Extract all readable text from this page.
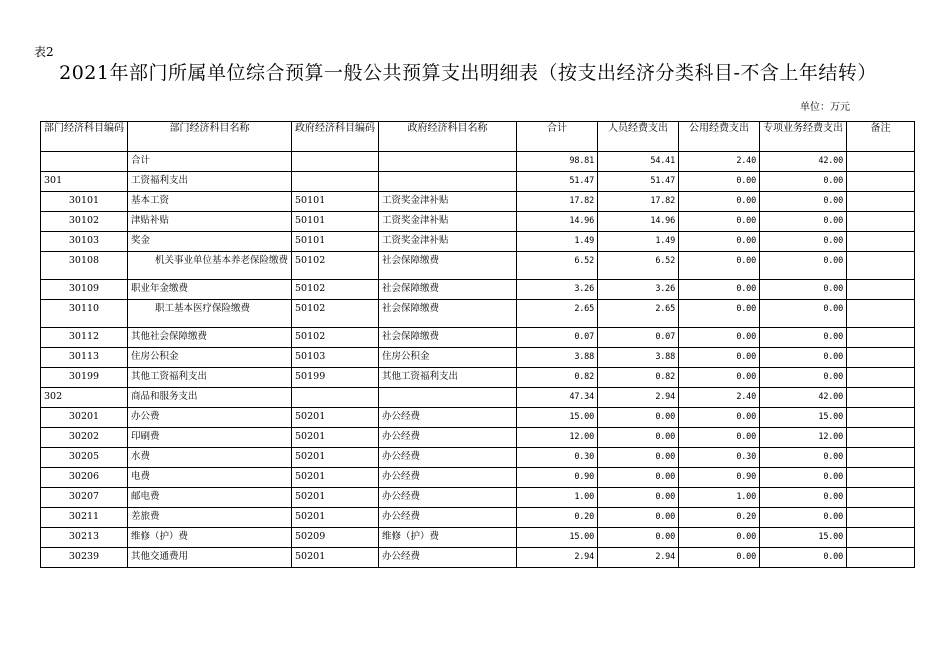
表2
2021年部门所属单位综合预算一般公共预算支出明细表（按支出经济分类科目-不含上年结转）
单位：万元
部门经济科目编码	部门经济科目名称	政府经济科目编码	政府经济科目名称	合计	人员经费支出	公用经费支出	专项业务经费支出	备注
	合计			98.81	54.41	2.40	42.00	
301	工资福利支出			51.47	51.47	0.00	0.00	
30101	基本工资	50101	工资奖金津补贴	17.82	17.82	0.00	0.00	
30102	津贴补贴	50101	工资奖金津补贴	14.96	14.96	0.00	0.00	
30103	奖金	50101	工资奖金津补贴	1.49	1.49	0.00	0.00	
30108	机关事业单位基本养老保险缴费	50102	社会保障缴费	6.52	6.52	0.00	0.00	
30109	职业年金缴费	50102	社会保障缴费	3.26	3.26	0.00	0.00	
30110	职工基本医疗保险缴费	50102	社会保障缴费	2.65	2.65	0.00	0.00	
30112	其他社会保障缴费	50102	社会保障缴费	0.07	0.07	0.00	0.00	
30113	住房公积金	50103	住房公积金	3.88	3.88	0.00	0.00	
30199	其他工资福利支出	50199	其他工资福利支出	0.82	0.82	0.00	0.00	
302	商品和服务支出			47.34	2.94	2.40	42.00	
30201	办公费	50201	办公经费	15.00	0.00	0.00	15.00	
30202	印刷费	50201	办公经费	12.00	0.00	0.00	12.00	
30205	水费	50201	办公经费	0.30	0.00	0.30	0.00	
30206	电费	50201	办公经费	0.90	0.00	0.90	0.00	
30207	邮电费	50201	办公经费	1.00	0.00	1.00	0.00	
30211	差旅费	50201	办公经费	0.20	0.00	0.20	0.00	
30213	维修（护）费	50209	维修（护）费	15.00	0.00	0.00	15.00	
30239	其他交通费用	50201	办公经费	2.94	2.94	0.00	0.00	
